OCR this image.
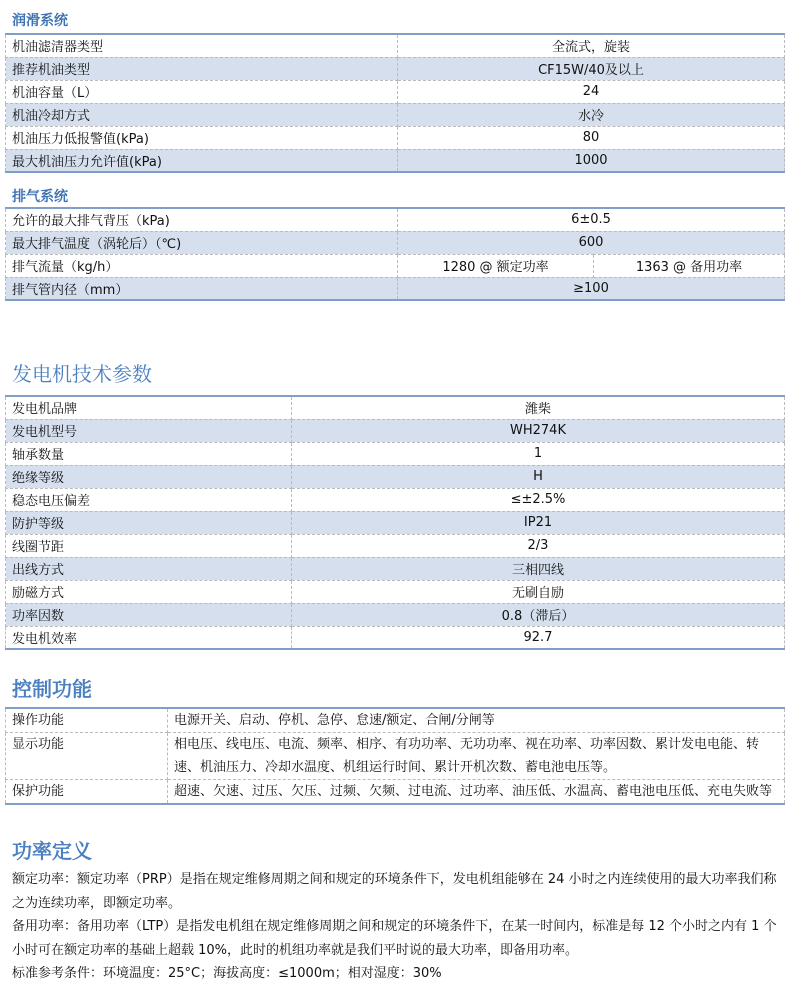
润滑系统
机油滤清器类型	全流式，旋装
推荐机油类型	CF15W/40及以上
机油容量（L）	24
机油冷却方式	水冷
机油压力低报警值(kPa)	80
最大机油压力允许值(kPa)	1000
排气系统
允许的最大排气背压（kPa)	6±0.5	
最大排气温度（涡轮后）（℃)	600	
排气流量（kg/h）	1280 @ 额定功率	1363 @ 备用功率
排气管内径（mm）	≥100	
发电机技术参数
发电机品牌	潍柴
发电机型号	WH274K
轴承数量	1
绝缘等级	H
稳态电压偏差	≤±2.5%
防护等级	IP21
线圈节距	2/3
出线方式	三相四线
励磁方式	无刷自励
功率因数	0.8（滞后）
发电机效率	92.7
控制功能
操作功能	电源开关、启动、停机、急停、怠速/额定、合闸/分闸等
显示功能	相电压、线电压、电流、频率、相序、有功功率、无功功率、视在功率、功率因数、累计发电电能、转速、机油压力、冷却水温度、机组运行时间、累计开机次数、蓄电池电压等。
保护功能	超速、欠速、过压、欠压、过频、欠频、过电流、过功率、油压低、水温高、蓄电池电压低、充电失败等
功率定义

额定功率：额定功率（PRP）是指在规定维修周期之间和规定的环境条件下，发电机组能够在 24 小时之内连续使用的最大功率我们称之为连续功率，即额定功率。

备用功率：备用功率（LTP）是指发电机组在规定维修周期之间和规定的环境条件下，在某一时间内，标准是每 12 个小时之内有 1 个小时可在额定功率的基础上超载 10%，此时的机组功率就是我们平时说的最大功率，即备用功率。

标准参考条件：环境温度：25°C；海拔高度：≤1000m；相对湿度：30%
